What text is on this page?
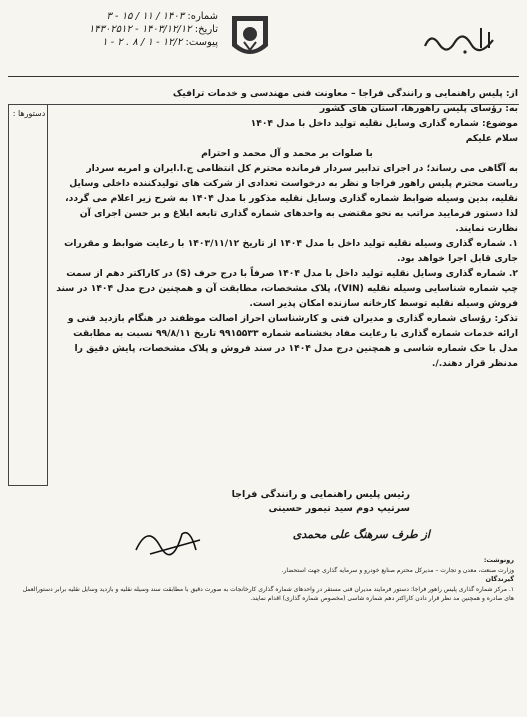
شماره: ۱۴۰۳ / ۱۱ / ۱۵ - ۳
تاریخ: ۱۴۰۳/۱۲/۱۲ - ۱۴۳۰۲۵۱۲
پیوست: ۱۲/۲ - ۱ / ۸ . ۲ - ۱
دستورها :

از: پلیس راهنمایی و رانندگی فراجا – معاونت فنی مهندسی و خدمات ترافیک

به: رؤسای پلیس راهورها، استان های کشور

موضوع: شماره گذاری وسایل نقلیه تولید داخل با مدل ۱۴۰۴

سلام علیکم

با صلوات بر محمد و آل محمد و احترام

به آگاهی می رساند؛ در اجرای تدابیر سردار فرمانده محترم کل انتظامی ج.ا.ایران و امریه سردار ریاست محترم پلیس راهور فراجا و نظر به درخواست تعدادی از شرکت های تولیدکننده داخلی وسایل نقلیه، بدین وسیله ضوابط شماره گذاری وسایل نقلیه مذکور با مدل ۱۴۰۴ به شرح زیر اعلام می گردد، لذا دستور فرمایید مراتب به نحو مقتضی به واحدهای شماره گذاری تابعه ابلاغ و بر حسن اجرای آن نظارت نمایند.

۱. شماره گذاری وسیله نقلیه تولید داخل با مدل ۱۴۰۴ از تاریخ ۱۴۰۳/۱۱/۱۲ با رعایت ضوابط و مقررات جاری قابل اجرا خواهد بود.

۲. شماره گذاری وسایل نقلیه تولید داخل با مدل ۱۴۰۴ صرفاً با درج حرف (S) در کاراکتر دهم از سمت چپ شماره شناسایی وسیله نقلیه (VIN)، پلاک مشخصات، مطابقت آن و همچنین درج مدل ۱۴۰۴ در سند فروش وسیله نقلیه توسط کارخانه سازنده امکان پذیر است.

تذکر: رؤسای شماره گذاری و مدیران فنی و کارشناسان احراز اصالت موظفند در هنگام بازدید فنی و ارائه خدمات شماره گذاری با رعایت مفاد بخشنامه شماره ۹۹۱۵۵۳۳ تاریخ ۹۹/۸/۱۱ نسبت به مطابقت مدل با حک شماره شاسی و همچنین درج مدل ۱۴۰۴ در سند فروش و پلاک مشخصات، پایش دقیق را مدنظر قرار دهند./.

رئیس پلیس راهنمایی و رانندگی فراجا
سرتیپ دوم سید تیمور حسینی
از طرف سرهنگ علی محمدی
رونوشت:
وزارت صنعت، معدن و تجارت – مدیرکل محترم صنایع خودرو و سرمایه گذاری جهت استحضار.
گیرندگان
۱. مرکز شماره گذاری پلیس راهور فراجا: دستور فرمایند مدیران فنی مستقر در واحدهای شماره گذاری کارخانجات به صورت دقیق با مطابقت سند وسیله نقلیه و بازدید وسایل نقلیه برابر دستورالعمل های صادره و همچنین مد نظر قرار دادن کاراکتر دهم شماره شاسی (مخصوص شماره گذاری) اقدام نمایند.
